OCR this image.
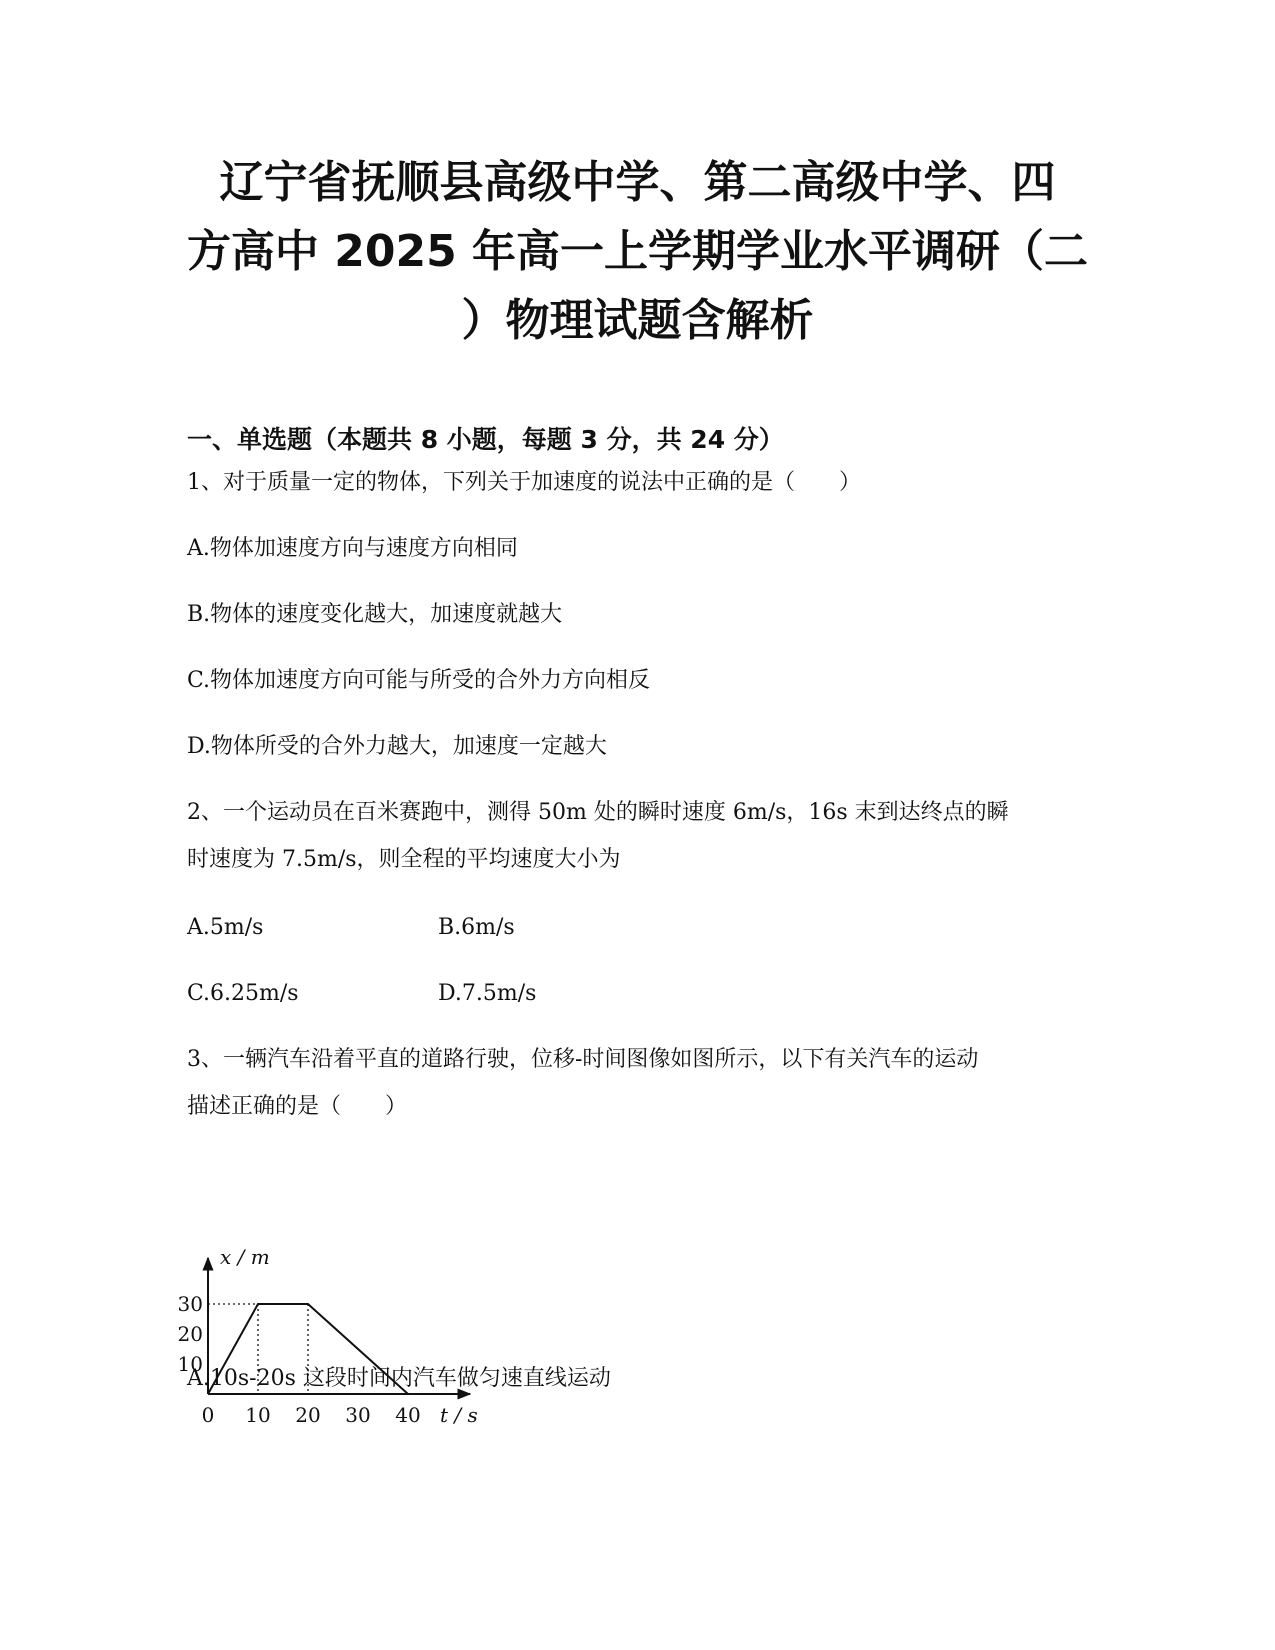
辽宁省抚顺县高级中学、第二高级中学、四
方高中 2025 年高一上学期学业水平调研（二
）物理试题含解析
一、单选题（本题共 8 小题，每题 3 分，共 24 分）

1、对于质量一定的物体，下列关于加速度的说法中正确的是（　　）

A.物体加速度方向与速度方向相同

B.物体的速度变化越大，加速度就越大

C.物体加速度方向可能与所受的合外力方向相反

D.物体所受的合外力越大，加速度一定越大

2、一个运动员在百米赛跑中，测得 50m 处的瞬时速度 6m/s，16s 末到达终点的瞬

时速度为 7.5m/s，则全程的平均速度大小为

A.5m/s	B.6m/s

C.6.25m/s	D.7.5m/s

3、一辆汽车沿着平直的道路行驶，位移-时间图像如图所示，以下有关汽车的运动

描述正确的是（　　）

0 10 20 30 40
10
20
30
x / m
t / s

A.10s-20s 这段时间内汽车做匀速直线运动
